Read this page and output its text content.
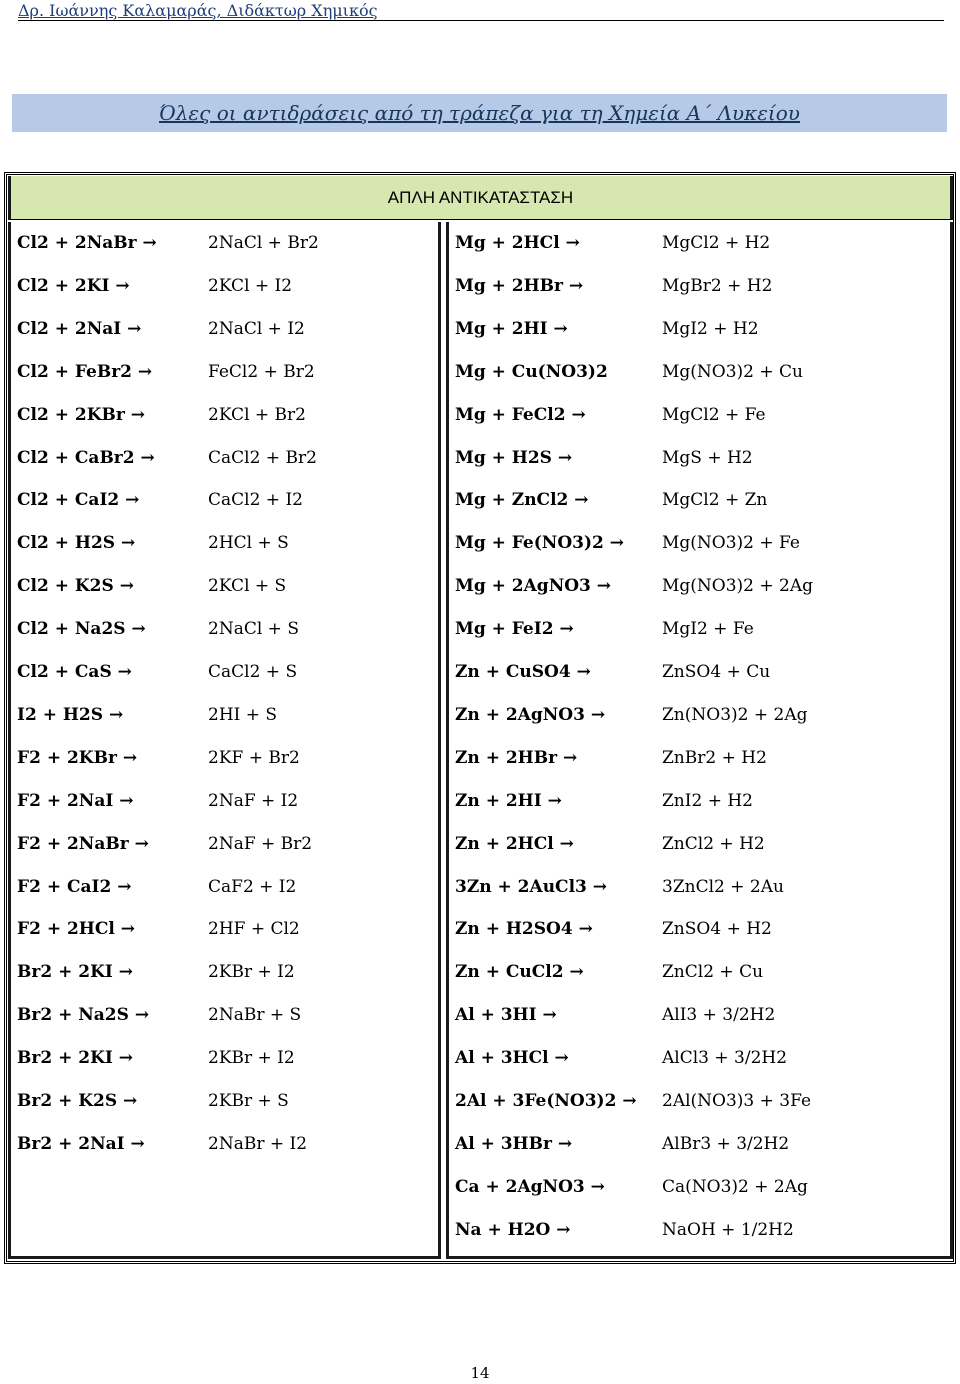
Δρ. Ιωάννης Καλαμαράς, Διδάκτωρ Χημικός
Όλες οι αντιδράσεις από τη τράπεζα για τη Χημεία Α΄ Λυκείου
ΑΠΛΗ ΑΝΤΙΚΑΤΑΣΤΑΣΗ
Cl2 + 2NaBr →	2NaCl + Br2
Cl2 + 2KI →	2KCl + I2
Cl2 + 2NaI →	2NaCl + I2
Cl2 + FeBr2 →	FeCl2 + Br2
Cl2 + 2KBr →	2KCl + Br2
Cl2 + CaBr2 →	CaCl2 + Br2
Cl2 + CaI2 →	CaCl2 + I2
Cl2 + H2S →	2HCl + S
Cl2 + K2S →	2KCl + S
Cl2 + Na2S →	2NaCl + S
Cl2 + CaS →	CaCl2 + S
I2 + H2S →	2HI + S
F2 + 2KBr →	2KF + Br2
F2 + 2NaI →	2NaF + I2
F2 + 2NaBr →	2NaF + Br2
F2 + CaI2 →	CaF2 + I2
F2 + 2HCl →	2HF + Cl2
Br2 + 2KI →	2KBr + I2
Br2 + Na2S →	2NaBr + S
Br2 + 2KI →	2KBr + I2
Br2 + K2S →	2KBr + S
Br2 + 2NaI →	2NaBr + I2
Mg + 2HCl →	MgCl2 + H2
Mg + 2HBr →	MgBr2 + H2
Mg + 2HI →	MgI2 + H2
Mg + Cu(NO3)2	Mg(NO3)2 + Cu
Mg + FeCl2 →	MgCl2 + Fe
Mg + H2S →	MgS + H2
Mg + ZnCl2 →	MgCl2 + Zn
Mg + Fe(NO3)2 → Mg(NO3)2 + Fe
Mg + 2AgNO3 →	Mg(NO3)2 + 2Ag
Mg + FeI2 →	MgI2 + Fe
Zn + CuSO4 →	ZnSO4 + Cu
Zn + 2AgNO3 →	Zn(NO3)2 + 2Ag
Zn + 2HBr →	ZnBr2 + H2
Zn + 2HI →	ZnI2 + H2
Zn + 2HCl →	ZnCl2 + H2
3Zn + 2AuCl3 →	3ZnCl2 + 2Au
Zn + H2SO4 →	ZnSO4 + H2
Zn + CuCl2 →	ZnCl2 + Cu
Al + 3HI →	AlI3 + 3/2H2
Al + 3HCl →	AlCl3 + 3/2H2
2Al + 3Fe(NO3)2 → 2Al(NO3)3 + 3Fe
Al + 3HBr →	AlBr3 + 3/2H2
Ca + 2AgNO3 →	Ca(NO3)2 + 2Ag
Na + H2O →	NaOH + 1/2H2
14
